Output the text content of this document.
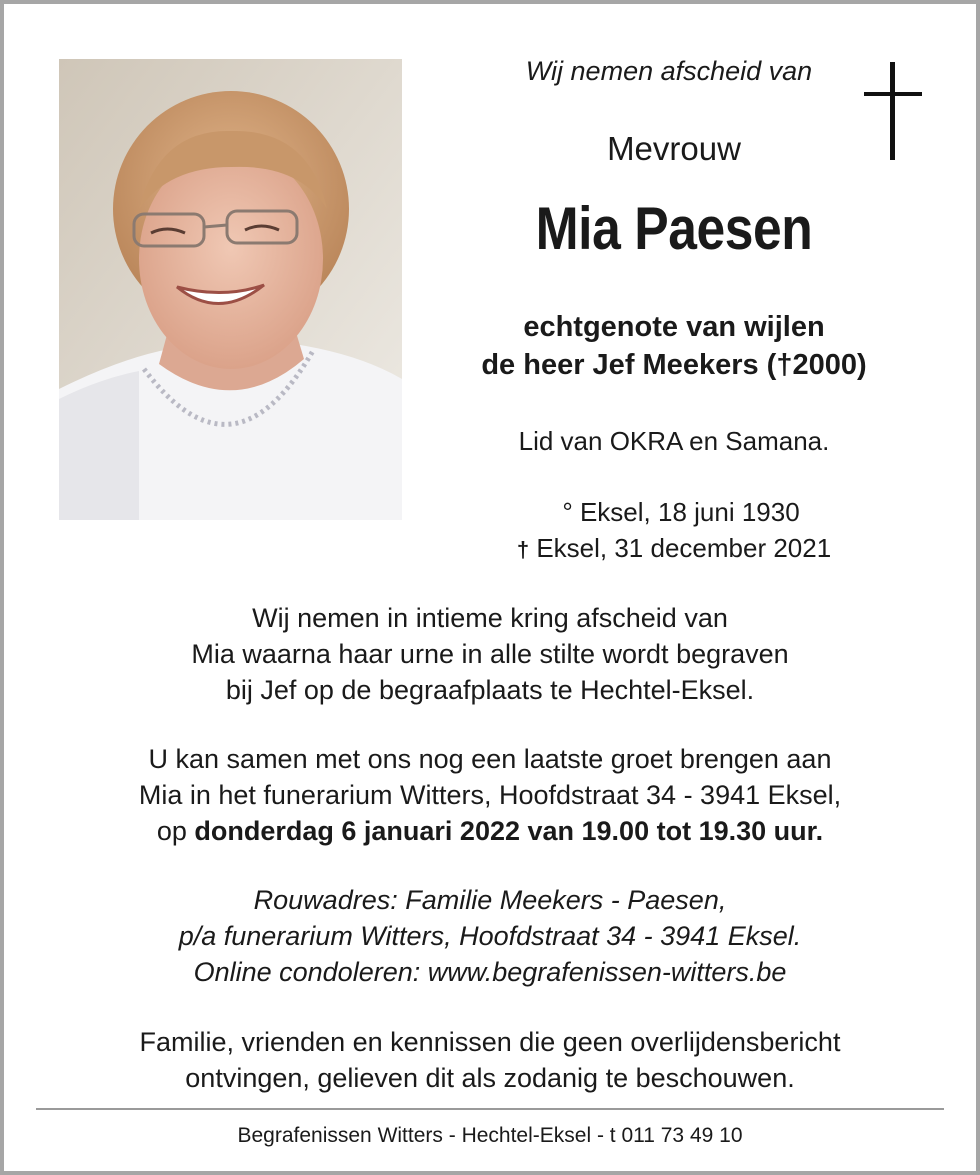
Wij nemen afscheid van
Mevrouw
Mia Paesen
echtgenote van wijlen
de heer Jef Meekers (†2000)
Lid van OKRA en Samana.
° Eksel, 18 juni 1930
† Eksel, 31 december 2021
Wij nemen in intieme kring afscheid van
Mia waarna haar urne in alle stilte wordt begraven
bij Jef op de begraafplaats te Hechtel-Eksel.
U kan samen met ons nog een laatste groet brengen aan
Mia in het funerarium Witters, Hoofdstraat 34 - 3941 Eksel,
op donderdag 6 januari 2022 van 19.00 tot 19.30 uur.
Rouwadres: Familie Meekers - Paesen,
p/a funerarium Witters, Hoofdstraat 34 - 3941 Eksel.
Online condoleren: www.begrafenissen-witters.be
Familie, vrienden en kennissen die geen overlijdensbericht
ontvingen, gelieven dit als zodanig te beschouwen.
Begrafenissen Witters - Hechtel-Eksel - t 011 73 49 10
